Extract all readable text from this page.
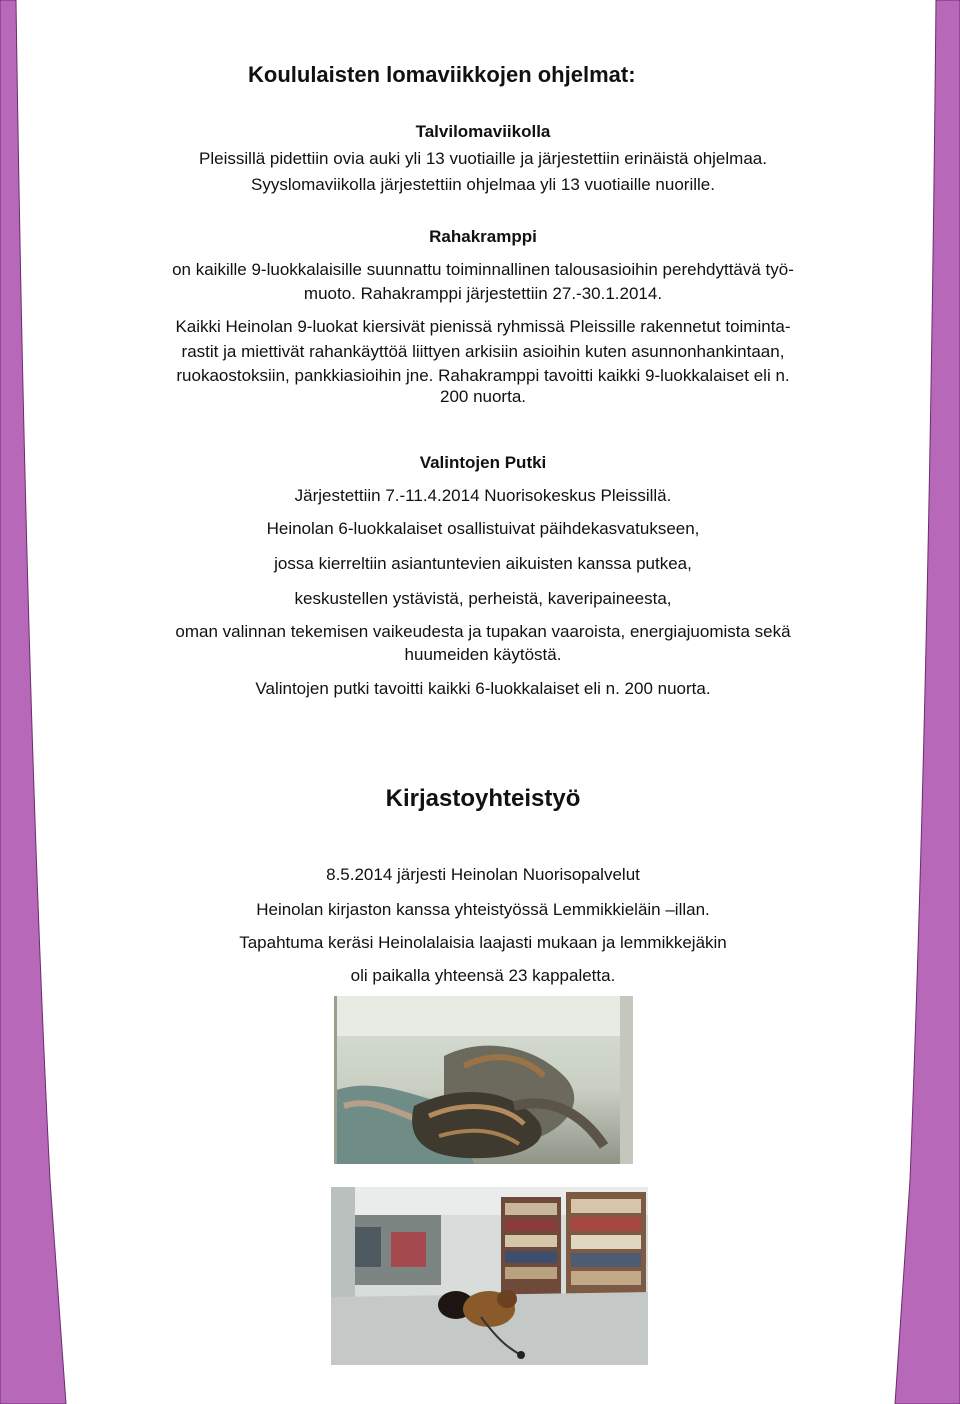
Koululaisten lomaviikkojen ohjelmat:
Talvilomaviikolla
Pleissillä pidettiin ovia auki yli 13 vuotiaille ja järjestettiin erinäistä ohjelmaa.
Syyslomaviikolla järjestettiin ohjelmaa yli 13 vuotiaille nuorille.
Rahakramppi
on kaikille 9-luokkalaisille suunnattu toiminnallinen talousasioihin perehdyttävä työ-
muoto. Rahakramppi järjestettiin 27.-30.1.2014.
Kaikki Heinolan 9-luokat kiersivät pienissä ryhmissä Pleissille rakennetut toiminta-
rastit ja miettivät rahankäyttöä liittyen arkisiin asioihin kuten asunnonhankintaan,
ruokaostoksiin, pankkiasioihin jne. Rahakramppi tavoitti kaikki 9-luokkalaiset eli n.
200 nuorta.
Valintojen Putki
Järjestettiin 7.-11.4.2014 Nuorisokeskus Pleissillä.
Heinolan 6-luokkalaiset osallistuivat päihdekasvatukseen,
jossa kierreltiin asiantuntevien aikuisten kanssa putkea,
keskustellen ystävistä, perheistä, kaveripaineesta,
oman valinnan tekemisen vaikeudesta ja tupakan vaaroista, energiajuomista sekä
huumeiden käytöstä.
Valintojen putki tavoitti kaikki 6-luokkalaiset eli n. 200 nuorta.
Kirjastoyhteistyö
8.5.2014 järjesti Heinolan Nuorisopalvelut
Heinolan kirjaston kanssa yhteistyössä Lemmikkieläin –illan.
Tapahtuma keräsi Heinolalaisia laajasti mukaan ja lemmikkejäkin
oli paikalla yhteensä 23 kappaletta.
